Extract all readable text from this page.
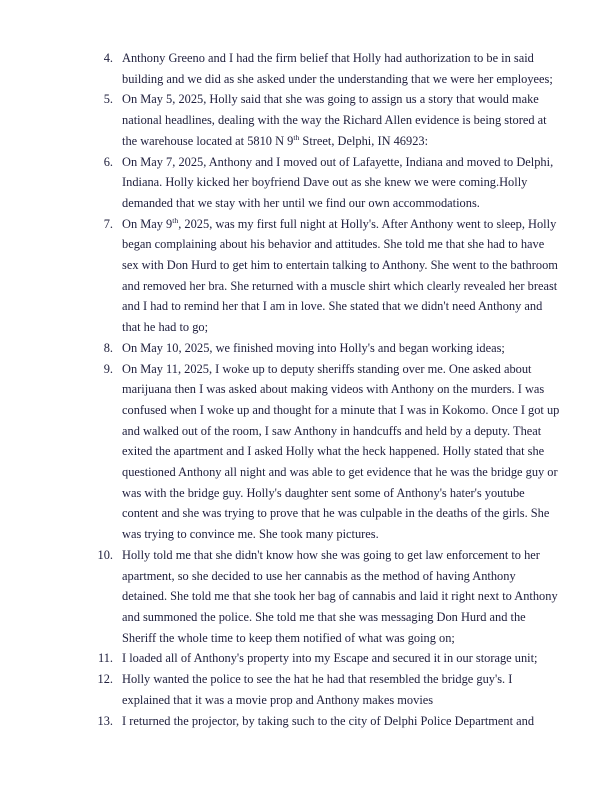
4. Anthony Greeno and I had the firm belief that Holly had authorization to be in said
building and we did as she asked under the understanding that we were her employees;
5. On May 5, 2025, Holly said that she was going to assign us a story that would make
national headlines, dealing with the way the Richard Allen evidence is being stored at
the warehouse located at 5810 N 9th Street, Delphi, IN 46923:
6. On May 7, 2025, Anthony and I moved out of Lafayette, Indiana and moved to Delphi,
Indiana. Holly kicked her boyfriend Dave out as she knew we were coming.Holly
demanded that we stay with her until we find our own accommodations.
7. On May 9th, 2025, was my first full night at Holly's. After Anthony went to sleep, Holly
began complaining about his behavior and attitudes. She told me that she had to have
sex with Don Hurd to get him to entertain talking to Anthony. She went to the bathroom
and removed her bra. She returned with a muscle shirt which clearly revealed her breast
and I had to remind her that I am in love. She stated that we didn't need Anthony and
that he had to go;
8. On May 10, 2025, we finished moving into Holly's and began working ideas;
9. On May 11, 2025, I woke up to deputy sheriffs standing over me. One asked about
marijuana then I was asked about making videos with Anthony on the murders. I was
confused when I woke up and thought for a minute that I was in Kokomo. Once I got up
and walked out of the room, I saw Anthony in handcuffs and held by a deputy. Theat
exited the apartment and I asked Holly what the heck happened. Holly stated that she
questioned Anthony all night and was able to get evidence that he was the bridge guy or
was with the bridge guy. Holly's daughter sent some of Anthony's hater's youtube
content and she was trying to prove that he was culpable in the deaths of the girls. She
was trying to convince me. She took many pictures.
10. Holly told me that she didn't know how she was going to get law enforcement to her
apartment, so she decided to use her cannabis as the method of having Anthony
detained. She told me that she took her bag of cannabis and laid it right next to Anthony
and summoned the police. She told me that she was messaging Don Hurd and the
Sheriff the whole time to keep them notified of what was going on;
11. I loaded all of Anthony's property into my Escape and secured it in our storage unit;
12. Holly wanted the police to see the hat he had that resembled the bridge guy's. I
explained that it was a movie prop and Anthony makes movies
13. I returned the projector, by taking such to the city of Delphi Police Department and
